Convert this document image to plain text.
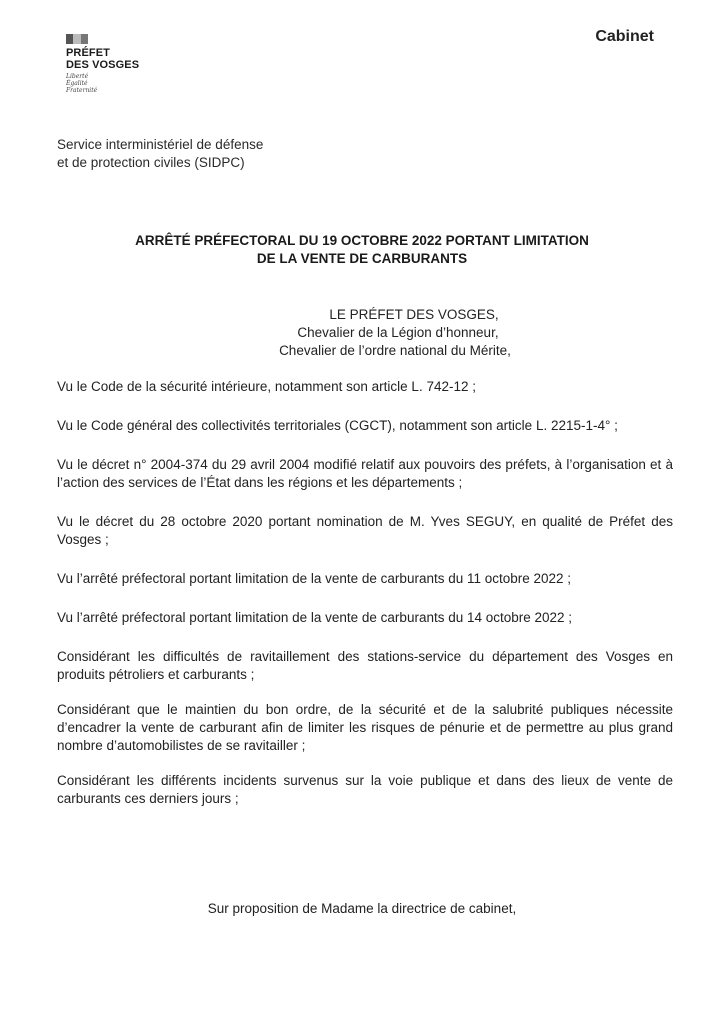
Cabinet
PRÉFET
DES VOSGES
Liberté
Égalité
Fraternité
Service interministériel de défense
et de protection civiles (SIDPC)
ARRÊTÉ PRÉFECTORAL DU 19 OCTOBRE 2022 PORTANT LIMITATION
DE LA VENTE DE CARBURANTS
LE PRÉFET DES VOSGES,
Chevalier de la Légion d’honneur,
Chevalier de l’ordre national du Mérite,

Vu le Code de la sécurité intérieure, notamment son article L. 742-12 ;

Vu le Code général des collectivités territoriales (CGCT), notamment son article L. 2215-1-4° ;

Vu le décret n° 2004-374 du 29 avril 2004 modifié relatif aux pouvoirs des préfets, à l’organisation et à l’action des services de l’État dans les régions et les départements ;

Vu le décret du 28 octobre 2020 portant nomination de M. Yves SEGUY, en qualité de Préfet des Vosges ;

Vu l’arrêté préfectoral portant limitation de la vente de carburants du 11 octobre 2022 ;

Vu l’arrêté préfectoral portant limitation de la vente de carburants du 14 octobre 2022 ;

Considérant les difficultés de ravitaillement des stations-service du département des Vosges en produits pétroliers et carburants ;

Considérant que le maintien du bon ordre, de la sécurité et de la salubrité publiques nécessite d’encadrer la vente de carburant afin de limiter les risques de pénurie et de permettre au plus grand nombre d’automobilistes de se ravitailler ;

Considérant les différents incidents survenus sur la voie publique et dans des lieux de vente de carburants ces derniers jours ;

Sur proposition de Madame la directrice de cabinet,
